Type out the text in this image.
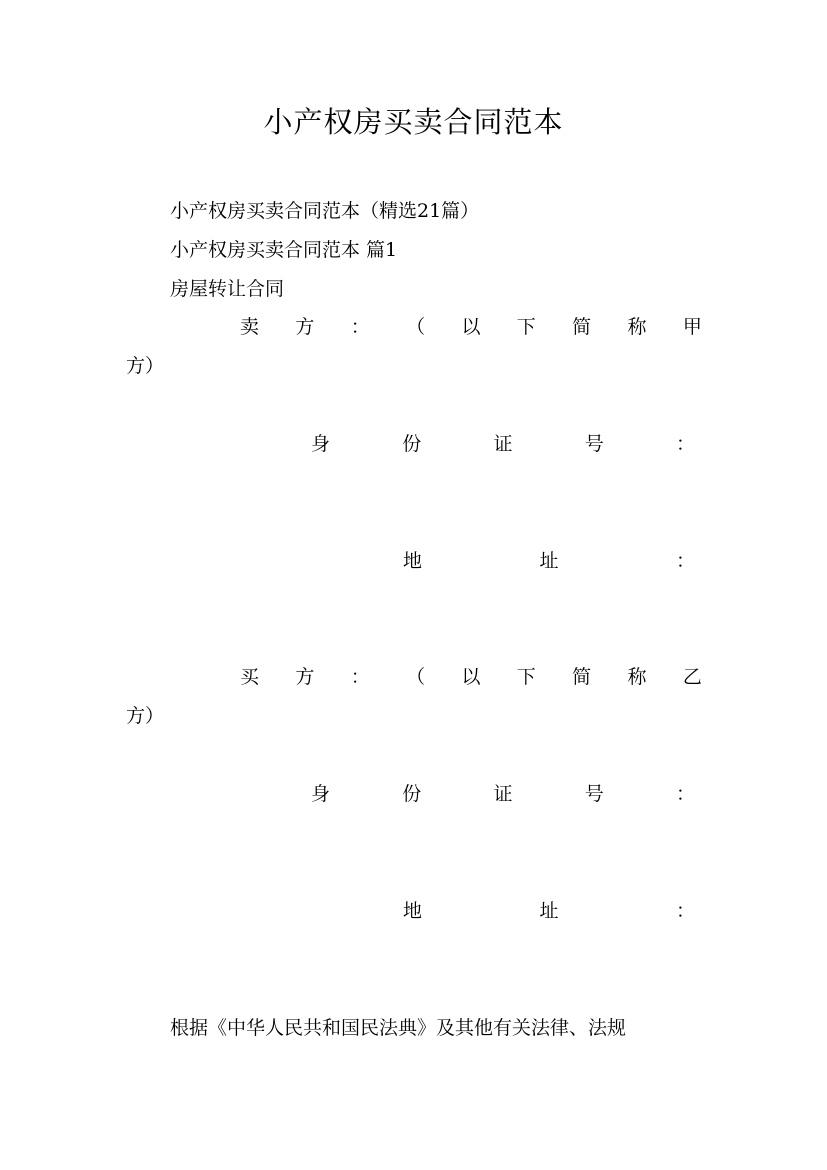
小产权房买卖合同范本
小产权房买卖合同范本（精选21篇）
小产权房买卖合同范本 篇1
房屋转让合同
卖 方 ： （ 以 下 简 称 甲
方）
身	份	证	号	：
地	址	：
买 方 ： （ 以 下 简 称 乙
方）
身	份	证	号	：
地	址	：
根据《中华人民共和国民法典》及其他有关法律、法规
